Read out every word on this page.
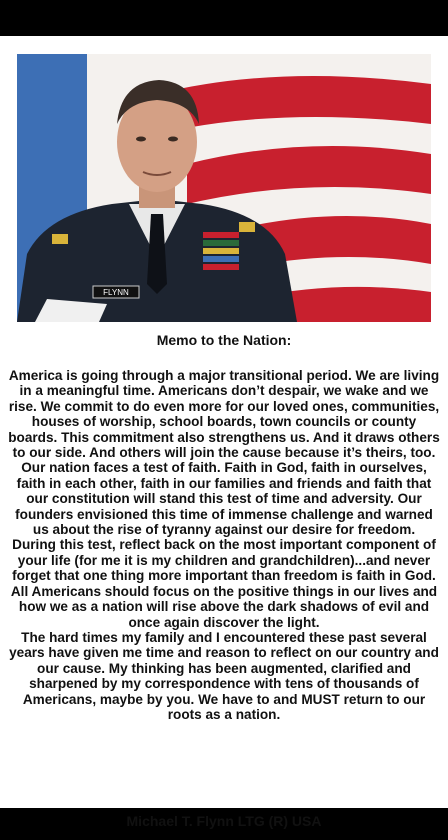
FLYNN

Memo to the Nation:

America is going through a major transitional period. We are living in a meaningful time. Americans don’t despair, we wake and we rise. We commit to do even more for our loved ones, communities, houses of worship, school boards, town councils or county boards. This commitment also strengthens us. And it draws others to our side. And others will join the cause because it’s theirs, too.

Our nation faces a test of faith. Faith in God, faith in ourselves, faith in each other, faith in our families and friends and faith that our constitution will stand this test of time and adversity. Our founders envisioned this time of immense challenge and warned us about the rise of tyranny against our desire for freedom.

During this test, reflect back on the most important component of your life (for me it is my children and grandchildren)...and never forget that one thing more important than freedom is faith in God. All Americans should focus on the positive things in our lives and how we as a nation will rise above the dark shadows of evil and once again discover the light.

The hard times my family and I encountered these past several years have given me time and reason to reflect on our country and our cause. My thinking has been augmented, clarified and sharpened by my correspondence with tens of thousands of Americans, maybe by you. We have to and MUST return to our roots as a nation.

Michael T. Flynn LTG (R) USA
